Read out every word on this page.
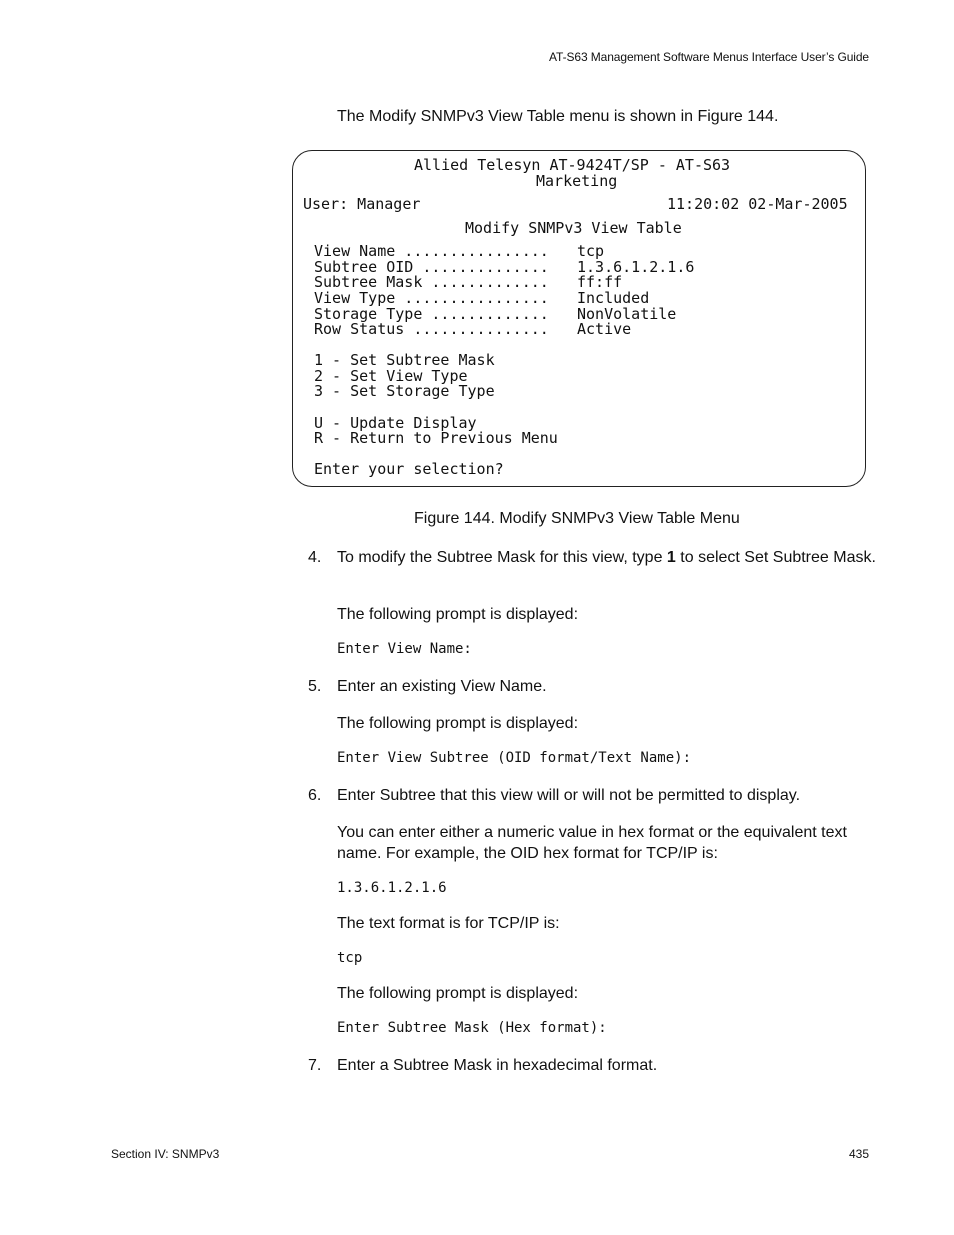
AT-S63 Management Software Menus Interface User’s Guide
The Modify SNMPv3 View Table menu is shown in Figure 144.
Allied Telesyn AT-9424T/SP - AT-S63
Marketing
User: Manager	11:20:02 02-Mar-2005
Modify SNMPv3 View Table
View Name ................ tcp
Subtree OID .............. 1.3.6.1.2.1.6
Subtree Mask ............. ff:ff
View Type ................ Included
Storage Type ............. NonVolatile
Row Status ............... Active
1 - Set Subtree Mask
2 - Set View Type
3 - Set Storage Type
U - Update Display
R - Return to Previous Menu
Enter your selection?
Figure 144. Modify SNMPv3 View Table Menu
4. To modify the Subtree Mask for this view, type 1 to select Set Subtree Mask.
The following prompt is displayed:
Enter View Name:
5. Enter an existing View Name.
The following prompt is displayed:
Enter View Subtree (OID format/Text Name):
6. Enter Subtree that this view will or will not be permitted to display.
You can enter either a numeric value in hex format or the equivalent text name. For example, the OID hex format for TCP/IP is:
1.3.6.1.2.1.6
The text format is for TCP/IP is:
tcp
The following prompt is displayed:
Enter Subtree Mask (Hex format):
7. Enter a Subtree Mask in hexadecimal format.
Section IV: SNMPv3	435
